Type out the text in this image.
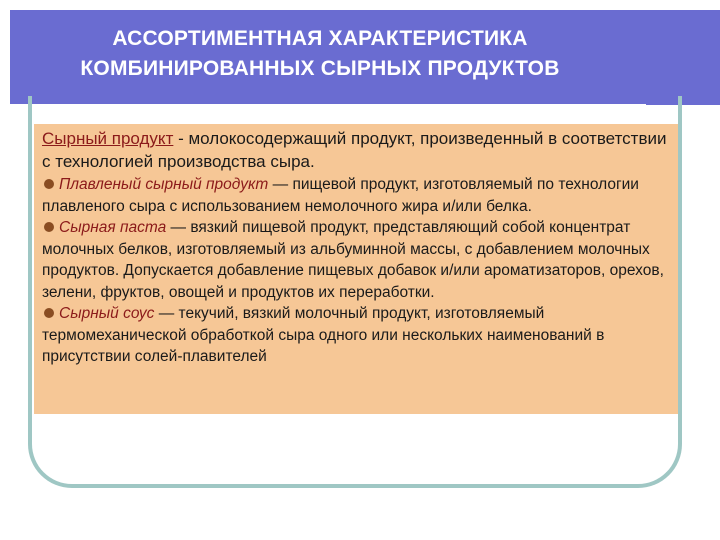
АССОРТИМЕНТНАЯ ХАРАКТЕРИСТИКА
КОМБИНИРОВАННЫХ СЫРНЫХ ПРОДУКТОВ

Сырный продукт - молокосодержащий продукт, произведенный в соответствии с технологией производства сыра.

Плавленый сырный продукт — пищевой продукт, изготовляемый по технологии плавленого сыра с использованием немолочного жира и/или белка.

Сырная паста — вязкий пищевой продукт, представляющий собой концентрат молочных белков, изготовляемый из альбуминной массы, с добавлением молочных продуктов. Допускается добавление пищевых добавок и/или ароматизаторов, орехов, зелени, фруктов, овощей и продуктов их переработки.

Сырный соус — текучий, вязкий молочный продукт, изготовляемый термомеханической обработкой сыра одного или нескольких наименований в присутствии солей-плавителей
